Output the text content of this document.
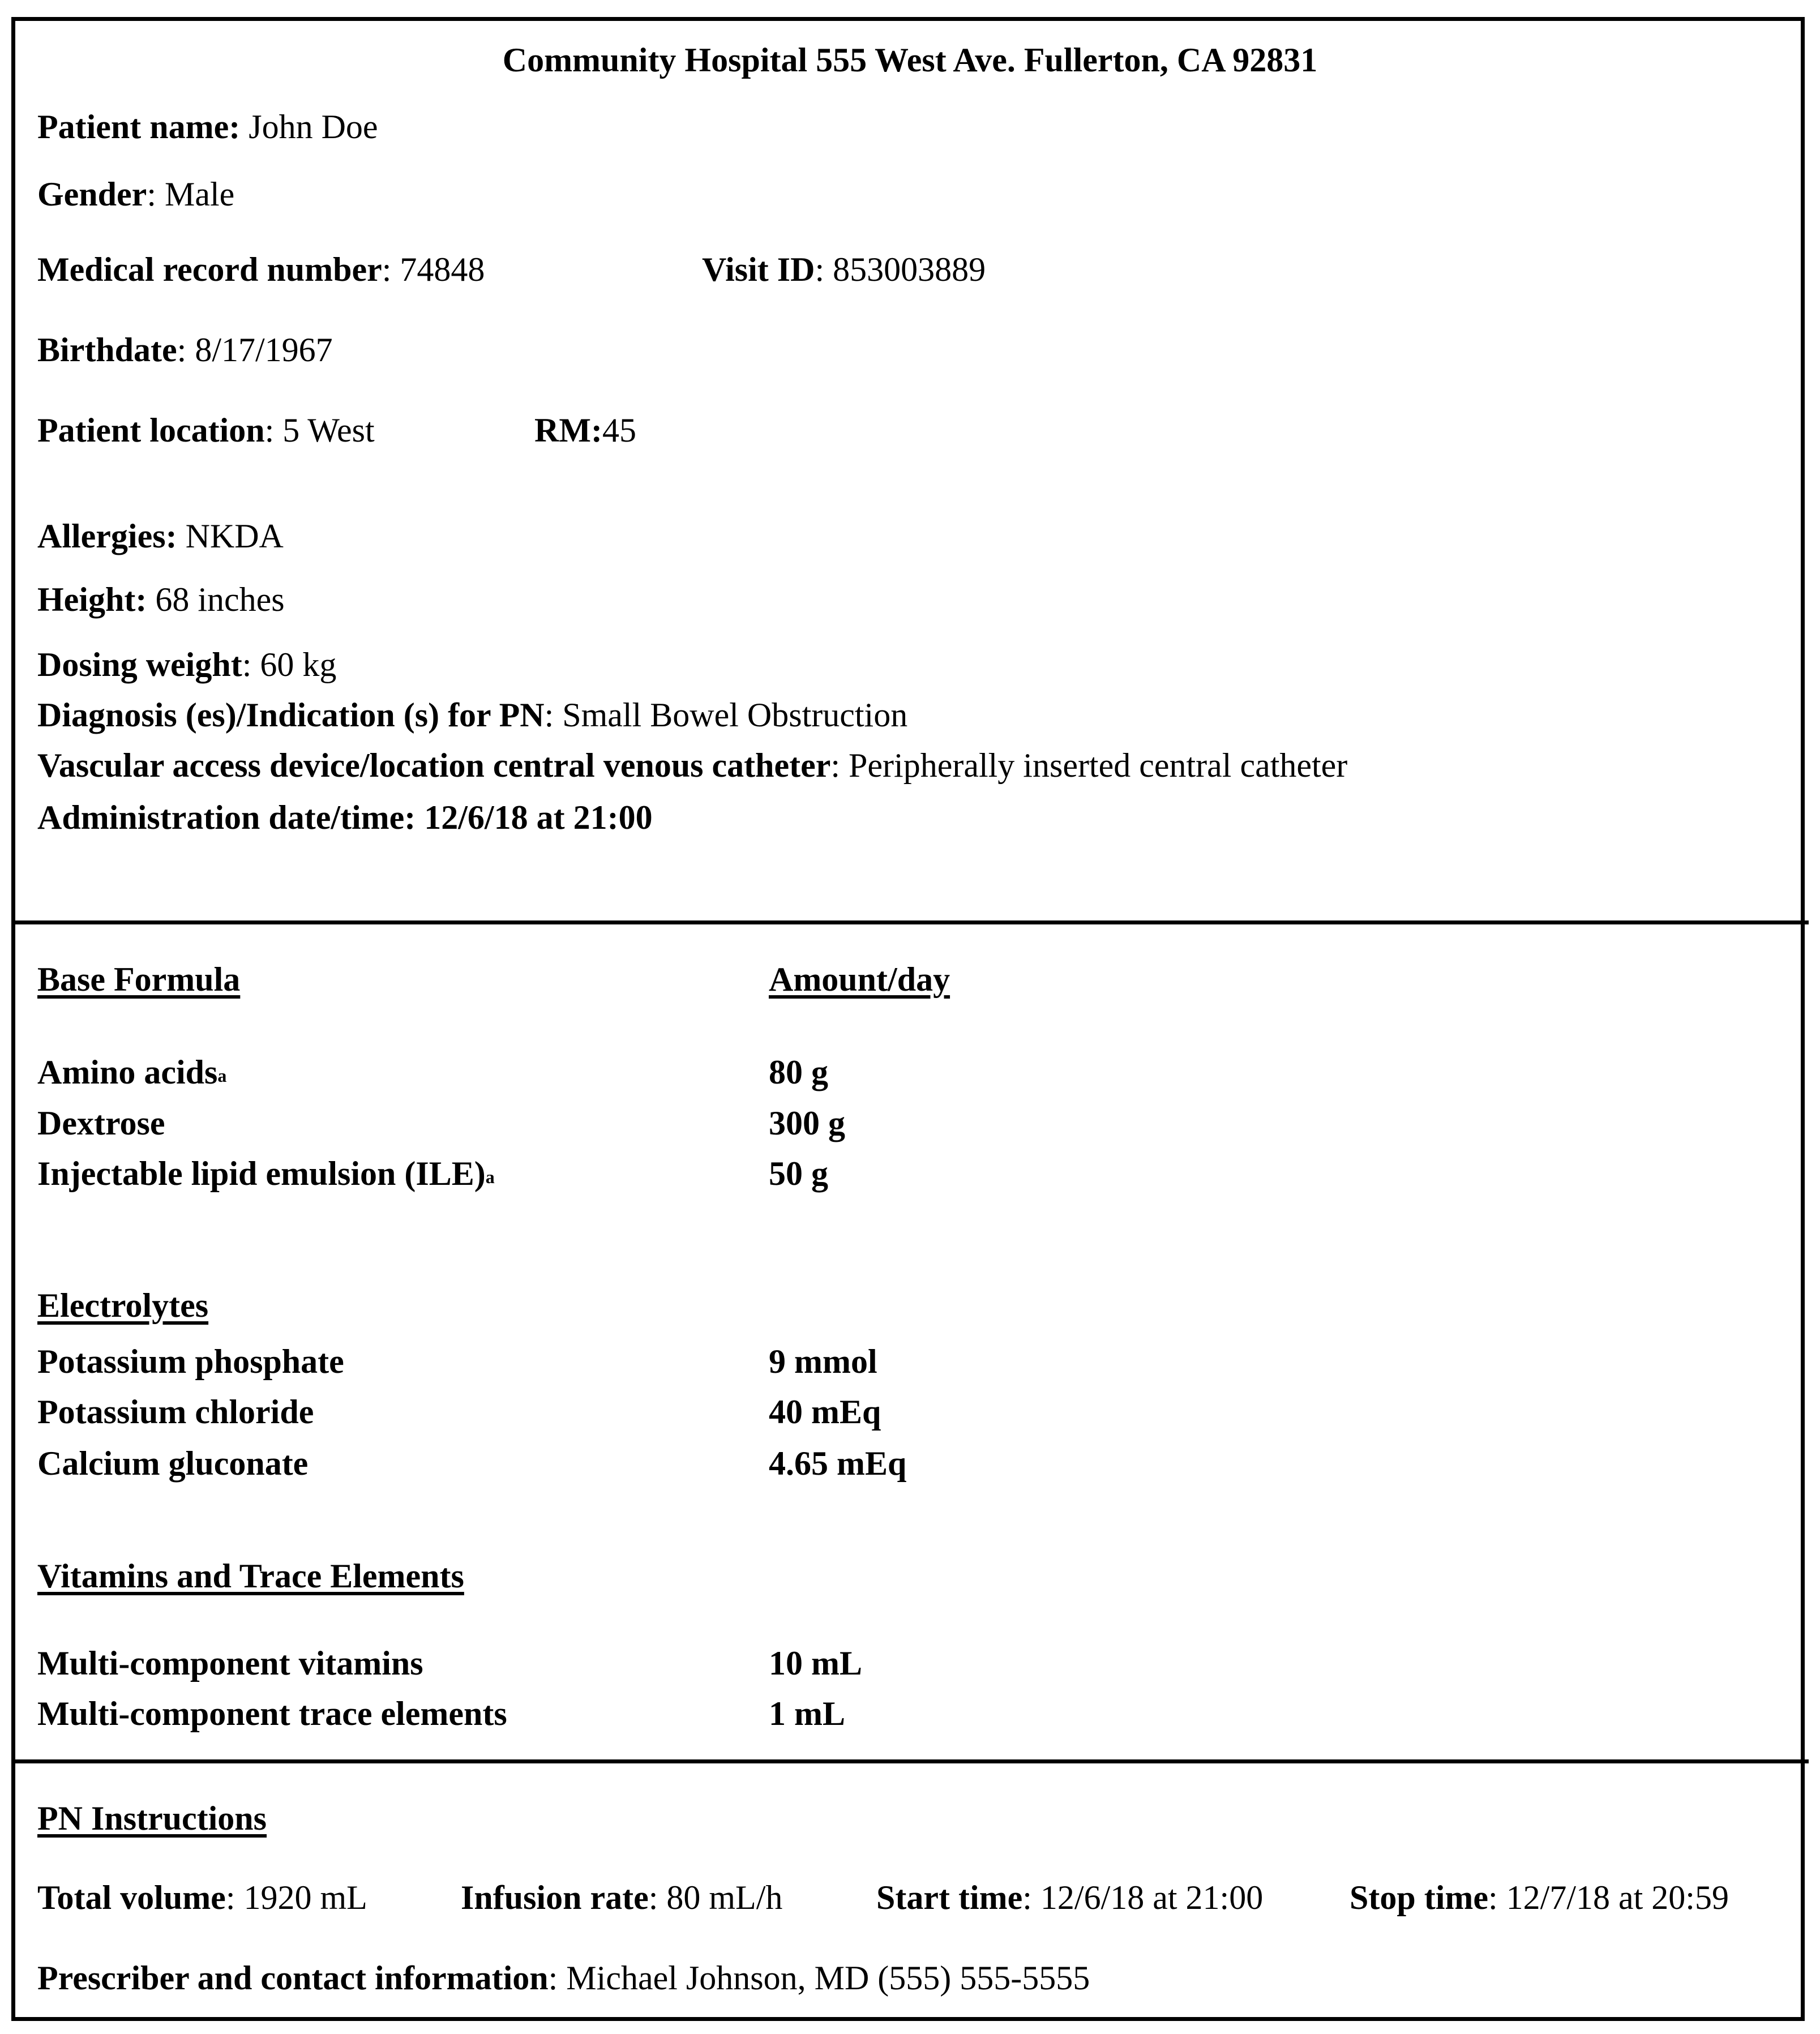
Community Hospital 555 West Ave. Fullerton, CA 92831
Patient name: John Doe
Gender: Male
Medical record number: 74848	Visit ID: 853003889
Birthdate: 8/17/1967
Patient location: 5 West	RM:45
Allergies: NKDA
Height: 68 inches
Dosing weight: 60 kg
Diagnosis (es)/Indication (s) for PN: Small Bowel Obstruction
Vascular access device/location central venous catheter: Peripherally inserted central catheter
Administration date/time: 12/6/18 at 21:00
Base Formula	Amount/day
Amino acids$^a$	80 g
Dextrose	300 g
Injectable lipid emulsion (ILE)$^a$	50 g
Electrolytes
Potassium phosphate	9 mmol
Potassium chloride	40 mEq
Calcium gluconate	4.65 mEq
Vitamins and Trace Elements
Multi-component vitamins	10 mL
Multi-component trace elements	1 mL
PN Instructions
Total volume: 1920 mL	Infusion rate: 80 mL/h	Start time: 12/6/18 at 21:00	Stop time: 12/7/18 at 20:59
Prescriber and contact information: Michael Johnson, MD (555) 555-5555
